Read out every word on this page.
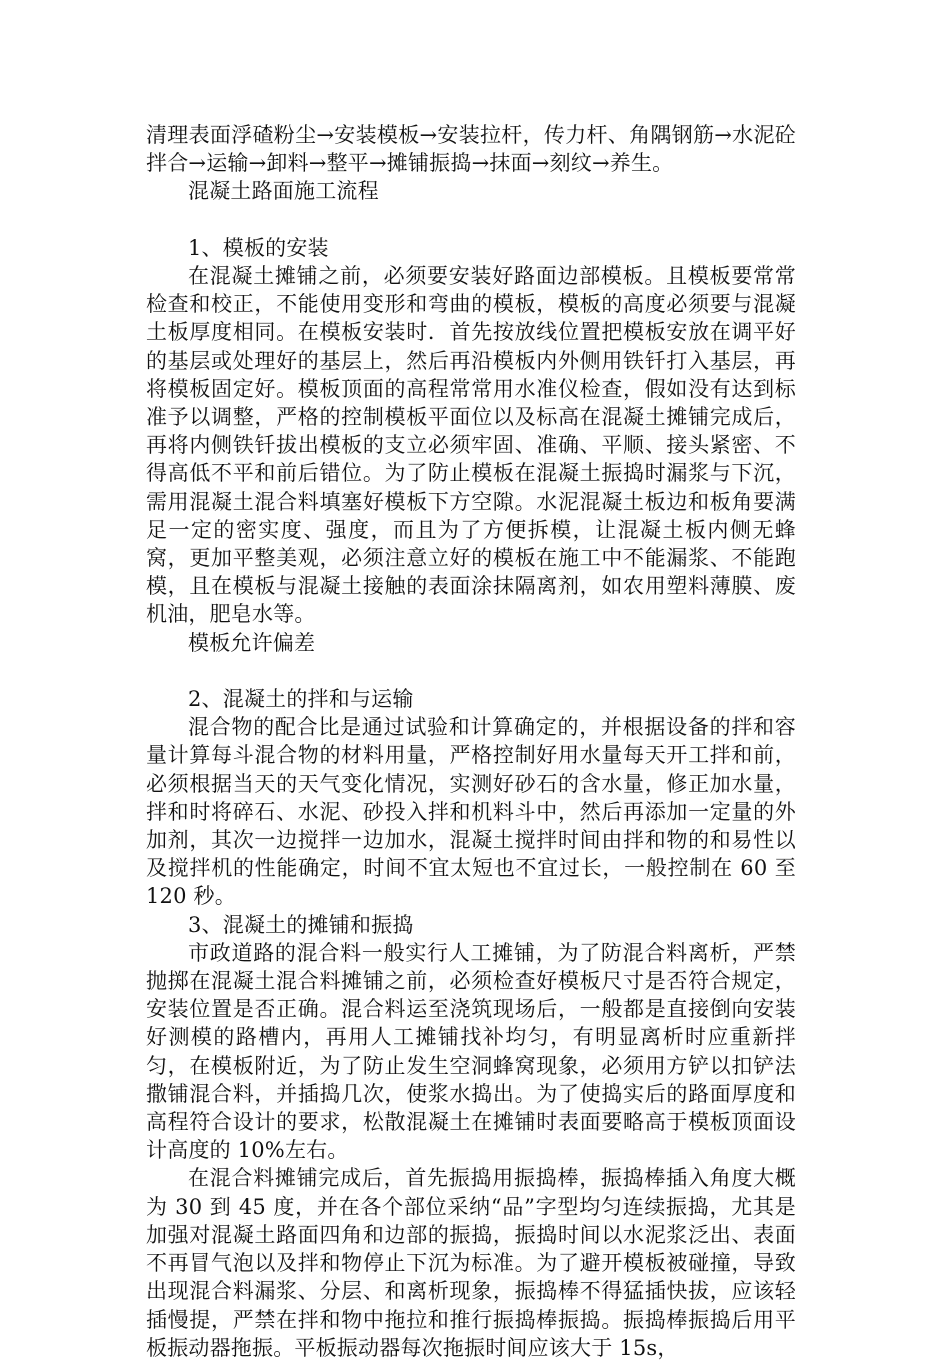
清理表面浮碴粉尘→安装模板→安装拉杆，传力杆、角隅钢筋→水泥砼拌合→运输→卸料→整平→摊铺振捣→抹面→刻纹→养生。

混凝土路面施工流程

1、模板的安装

在混凝土摊铺之前，必须要安装好路面边部模板。且模板要常常检查和校正，不能使用变形和弯曲的模板，模板的高度必须要与混凝土板厚度相同。在模板安装时．首先按放线位置把模板安放在调平好的基层或处理好的基层上，然后再沿模板内外侧用铁钎打入基层，再将模板固定好。模板顶面的高程常常用水准仪检查，假如没有达到标准予以调整，严格的控制模板平面位以及标高在混凝土摊铺完成后，再将内侧铁钎拔出模板的支立必须牢固、准确、平顺、接头紧密、不得高低不平和前后错位。为了防止模板在混凝土振捣时漏浆与下沉，需用混凝土混合料填塞好模板下方空隙。水泥混凝土板边和板角要满足一定的密实度、强度，而且为了方便拆模，让混凝土板内侧无蜂窝，更加平整美观，必须注意立好的模板在施工中不能漏浆、不能跑模，且在模板与混凝土接触的表面涂抹隔离剂，如农用塑料薄膜、废机油，肥皂水等。

模板允许偏差

2、混凝土的拌和与运输

混合物的配合比是通过试验和计算确定的，并根据设备的拌和容量计算每斗混合物的材料用量，严格控制好用水量每天开工拌和前，必须根据当天的天气变化情况，实测好砂石的含水量，修正加水量，拌和时将碎石、水泥、砂投入拌和机料斗中，然后再添加一定量的外加剂，其次一边搅拌一边加水，混凝土搅拌时间由拌和物的和易性以及搅拌机的性能确定，时间不宜太短也不宜过长，一般控制在 60 至 120 秒。

3、混凝土的摊铺和振捣

市政道路的混合料一般实行人工摊铺，为了防混合料离析，严禁抛掷在混凝土混合料摊铺之前，必须检查好模板尺寸是否符合规定，安装位置是否正确。混合料运至浇筑现场后，一般都是直接倒向安装好测模的路槽内，再用人工摊铺找补均匀，有明显离析时应重新拌匀，在模板附近，为了防止发生空洞蜂窝现象，必须用方铲以扣铲法撒铺混合料，并插捣几次，使浆水捣出。为了使捣实后的路面厚度和高程符合设计的要求，松散混凝土在摊铺时表面要略高于模板顶面设计高度的 10%左右。

在混合料摊铺完成后，首先振捣用振捣棒，振捣棒插入角度大概为 30 到 45 度，并在各个部位采纳“品”字型均匀连续振捣，尤其是加强对混凝土路面四角和边部的振捣，振捣时间以水泥浆泛出、表面不再冒气泡以及拌和物停止下沉为标准。为了避开模板被碰撞，导致出现混合料漏浆、分层、和离析现象，振捣棒不得猛插快拔，应该轻插慢提，严禁在拌和物中拖拉和推行振捣棒振捣。振捣棒振捣后用平板振动器拖振。平板振动器每次拖振时间应该大于 15s，
